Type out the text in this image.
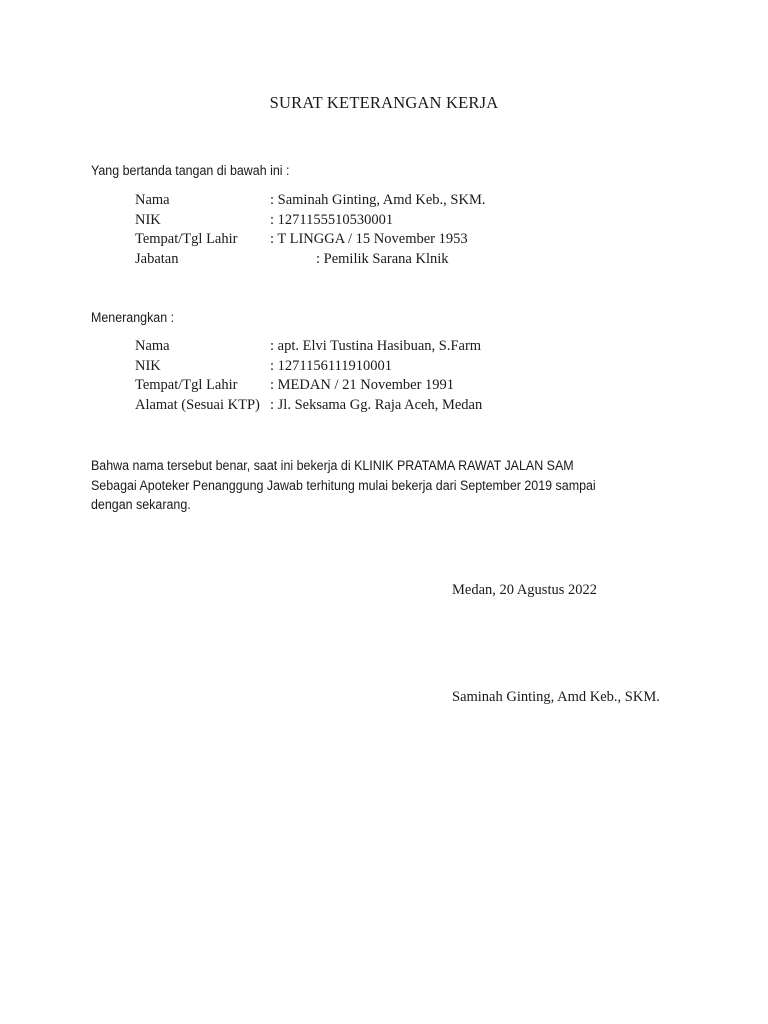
SURAT KETERANGAN KERJA
Yang bertanda tangan di bawah ini :
Nama	: Saminah Ginting, Amd Keb., SKM.
NIK	: 1271155510530001
Tempat/Tgl Lahir : T LINGGA / 15 November 1953
Jabatan	: Pemilik Sarana Klnik
Menerangkan :
Nama	: apt. Elvi Tustina Hasibuan, S.Farm
NIK	: 1271156111910001
Tempat/Tgl Lahir : MEDAN / 21 November 1991
Alamat (Sesuai KTP) : Jl. Seksama Gg. Raja Aceh, Medan
Bahwa nama tersebut benar, saat ini bekerja di KLINIK PRATAMA RAWAT JALAN SAM
Sebagai Apoteker Penanggung Jawab terhitung mulai bekerja dari September 2019 sampai
dengan sekarang.
Medan, 20 Agustus 2022
Saminah Ginting, Amd Keb., SKM.
